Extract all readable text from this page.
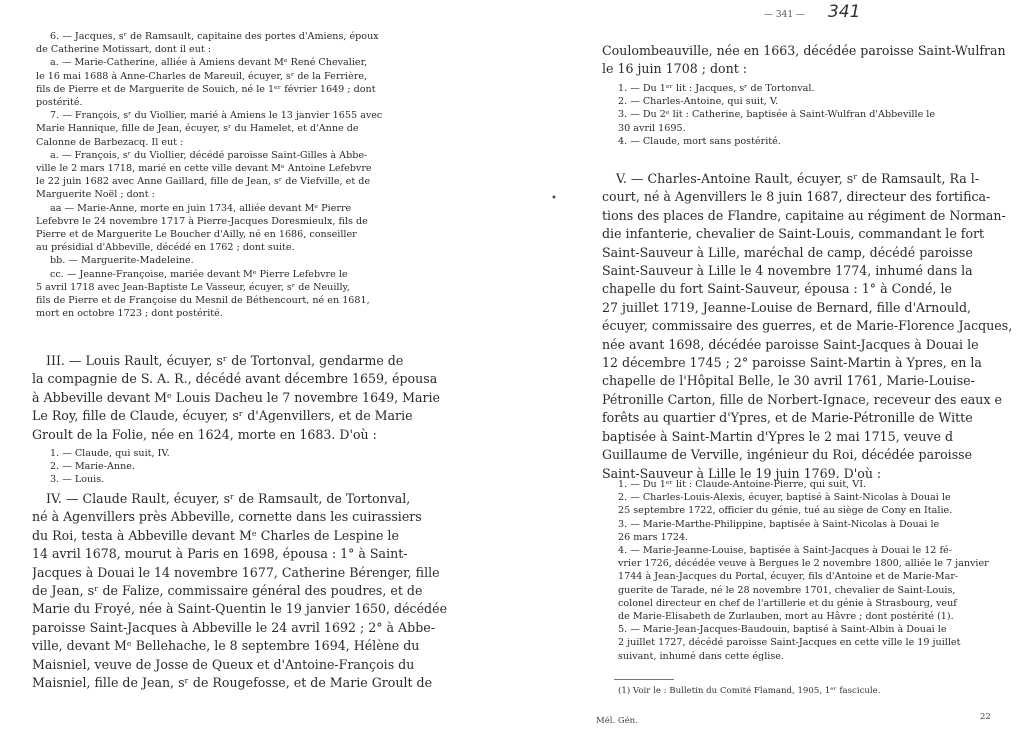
6. — Jacques, sʳ de Ramsault, capitaine des portes d'Amiens, époux
de Catherine Motissart, dont il eut :
a. — Marie-Catherine, alliée à Amiens devant Mᵉ René Chevalier,
le 16 mai 1688 à Anne-Charles de Mareuil, écuyer, sʳ de la Ferrière,
fils de Pierre et de Marguerite de Souich, né le 1ᵉʳ février 1649 ; dont
postérité.
7. — François, sʳ du Viollier, marié à Amiens le 13 janvier 1655 avec
Marie Hannique, fille de Jean, écuyer, sʳ du Hamelet, et d'Anne de
Calonne de Barbezacq. Il eut :
a. — François, sʳ du Viollier, décédé paroisse Saint-Gilles à Abbe-
ville le 2 mars 1718, marié en cette ville devant Mᵉ Antoine Lefebvre
le 22 juin 1682 avec Anne Gaillard, fille de Jean, sʳ de Viefville, et de
Marguerite Noël ; dont :
aa — Marie-Anne, morte en juin 1734, alliée devant Mᵉ Pierre
Lefebvre le 24 novembre 1717 à Pierre-Jacques Doresmieulx, fils de
Pierre et de Marguerite Le Boucher d'Ailly, né en 1686, conseiller
au présidial d'Abbeville, décédé en 1762 ; dont suite.
bb. — Marguerite-Madeleine.
cc. — Jeanne-Françoise, mariée devant Mᵉ Pierre Lefebvre le
5 avril 1718 avec Jean-Baptiste Le Vasseur, écuyer, sʳ de Neuilly,
fils de Pierre et de Françoise du Mesnil de Béthencourt, né en 1681,
mort en octobre 1723 ; dont postérité.
III. — Louis Rault, écuyer, sʳ de Tortonval, gendarme de
la compagnie de S. A. R., décédé avant décembre 1659, épousa
à Abbeville devant Mᵉ Louis Dacheu le 7 novembre 1649, Marie
Le Roy, fille de Claude, écuyer, sʳ d'Agenvillers, et de Marie
Groult de la Folie, née en 1624, morte en 1683. D'où :
1. — Claude, qui suit, IV.
2. — Marie-Anne.
3. — Louis.
IV. — Claude Rault, écuyer, sʳ de Ramsault, de Tortonval,
né à Agenvillers près Abbeville, cornette dans les cuirassiers
du Roi, testa à Abbeville devant Mᵉ Charles de Lespine le
14 avril 1678, mourut à Paris en 1698, épousa : 1° à Saint-
Jacques à Douai le 14 novembre 1677, Catherine Bérenger, fille
de Jean, sʳ de Falize, commissaire général des poudres, et de
Marie du Froyé, née à Saint-Quentin le 19 janvier 1650, décédée
paroisse Saint-Jacques à Abbeville le 24 avril 1692 ; 2° à Abbe-
ville, devant Mᵉ Bellehache, le 8 septembre 1694, Hélène du
Maisniel, veuve de Josse de Queux et d'Antoine-François du
Maisniel, fille de Jean, sʳ de Rougefosse, et de Marie Groult de
•
— 341 — 341
Coulombeauville, née en 1663, décédée paroisse Saint-Wulfran
le 16 juin 1708 ; dont :
1. — Du 1ᵉʳ lit : Jacques, sʳ de Tortonval.
2. — Charles-Antoine, qui suit, V.
3. — Du 2ᵉ lit : Catherine, baptisée à Saint-Wulfran d'Abbeville le
30 avril 1695.
4. — Claude, mort sans postérité.
V. — Charles-Antoine Rault, écuyer, sʳ de Ramsault, Ra l-
court, né à Agenvillers le 8 juin 1687, directeur des fortifica-
tions des places de Flandre, capitaine au régiment de Norman-
die infanterie, chevalier de Saint-Louis, commandant le fort
Saint-Sauveur à Lille, maréchal de camp, décédé paroisse
Saint-Sauveur à Lille le 4 novembre 1774, inhumé dans la
chapelle du fort Saint-Sauveur, épousa : 1° à Condé, le
27 juillet 1719, Jeanne-Louise de Bernard, fille d'Arnould,
écuyer, commissaire des guerres, et de Marie-Florence Jacques,
née avant 1698, décédée paroisse Saint-Jacques à Douai le
12 décembre 1745 ; 2° paroisse Saint-Martin à Ypres, en la
chapelle de l'Hôpital Belle, le 30 avril 1761, Marie-Louise-
Pétronille Carton, fille de Norbert-Ignace, receveur des eaux e
forêts au quartier d'Ypres, et de Marie-Pétronille de Witte
baptisée à Saint-Martin d'Ypres le 2 mai 1715, veuve d
Guillaume de Verville, ingénieur du Roi, décédée paroisse
Saint-Sauveur à Lille le 19 juin 1769. D'où :
1. — Du 1ᵉʳ lit : Claude-Antoine-Pierre, qui suit, VI.
2. — Charles-Louis-Alexis, écuyer, baptisé à Saint-Nicolas à Douai le
25 septembre 1722, officier du génie, tué au siège de Cony en Italie.
3. — Marie-Marthe-Philippine, baptisée à Saint-Nicolas à Douai le
26 mars 1724.
4. — Marie-Jeanne-Louise, baptisée à Saint-Jacques à Douai le 12 fé-
vrier 1726, décédée veuve à Bergues le 2 novembre 1800, alliée le 7 janvier
1744 à Jean-Jacques du Portal, écuyer, fils d'Antoine et de Marie-Mar-
guerite de Tarade, né le 28 novembre 1701, chevalier de Saint-Louis,
colonel directeur en chef de l'artillerie et du génie à Strasbourg, veuf
de Marie-Elisabeth de Zurlauben, mort au Hâvre ; dont postérité (1).
5. — Marie-Jean-Jacques-Baudouin, baptisé à Saint-Albin à Douai le
2 juillet 1727, décédé paroisse Saint-Jacques en cette ville le 19 juillet
suivant, inhumé dans cette église.
(1) Voir le : Bulletin du Comité Flamand, 1905, 1ᵉʳ fascicule.
22
Mél. Gén.
